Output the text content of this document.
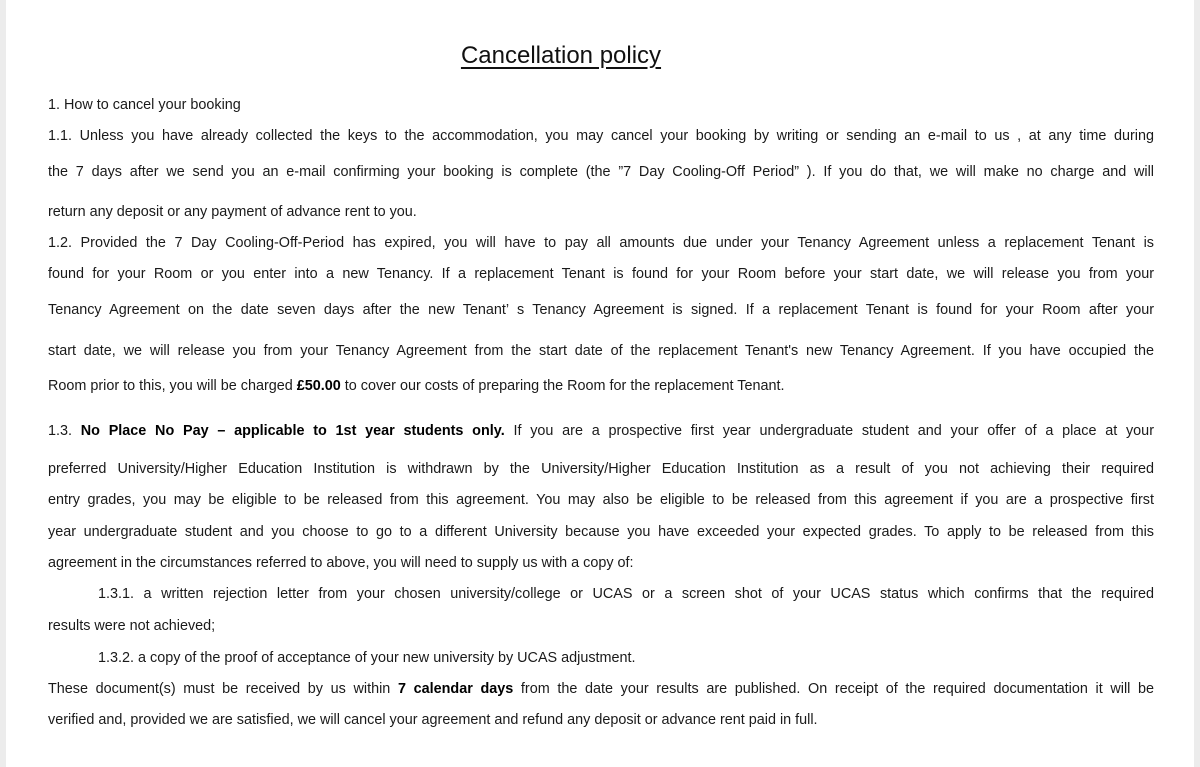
Cancellation policy
1. How to cancel your booking
1.1. Unless you have already collected the keys to the accommodation, you may cancel your booking by writing or sending an e-mail to us , at any time during
the 7 days after we send you an e-mail confirming your booking is complete (the ”7 Day Cooling-Off Period” ). If you do that, we will make no charge and will
return any deposit or any payment of advance rent to you.
1.2. Provided the 7 Day Cooling-Off-Period has expired, you will have to pay all amounts due under your Tenancy Agreement unless a replacement Tenant is
found for your Room or you enter into a new Tenancy. If a replacement Tenant is found for your Room before your start date, we will release you from your
Tenancy Agreement on the date seven days after the new Tenant’ s Tenancy Agreement is signed. If a replacement Tenant is found for your Room after your
start date, we will release you from your Tenancy Agreement from the start date of the replacement Tenant's new Tenancy Agreement. If you have occupied the
Room prior to this, you will be charged £50.00 to cover our costs of preparing the Room for the replacement Tenant.
1.3. No Place No Pay – applicable to 1st year students only. If you are a prospective first year undergraduate student and your offer of a place at your
preferred University/Higher Education Institution is withdrawn by the University/Higher Education Institution as a result of you not achieving their required
entry grades, you may be eligible to be released from this agreement. You may also be eligible to be released from this agreement if you are a prospective first
year undergraduate student and you choose to go to a different University because you have exceeded your expected grades. To apply to be released from this
agreement in the circumstances referred to above, you will need to supply us with a copy of:
1.3.1. a written rejection letter from your chosen university/college or UCAS or a screen shot of your UCAS status which confirms that the required
results were not achieved;
1.3.2. a copy of the proof of acceptance of your new university by UCAS adjustment.
These document(s) must be received by us within 7 calendar days from the date your results are published. On receipt of the required documentation it will be
verified and, provided we are satisfied, we will cancel your agreement and refund any deposit or advance rent paid in full.
